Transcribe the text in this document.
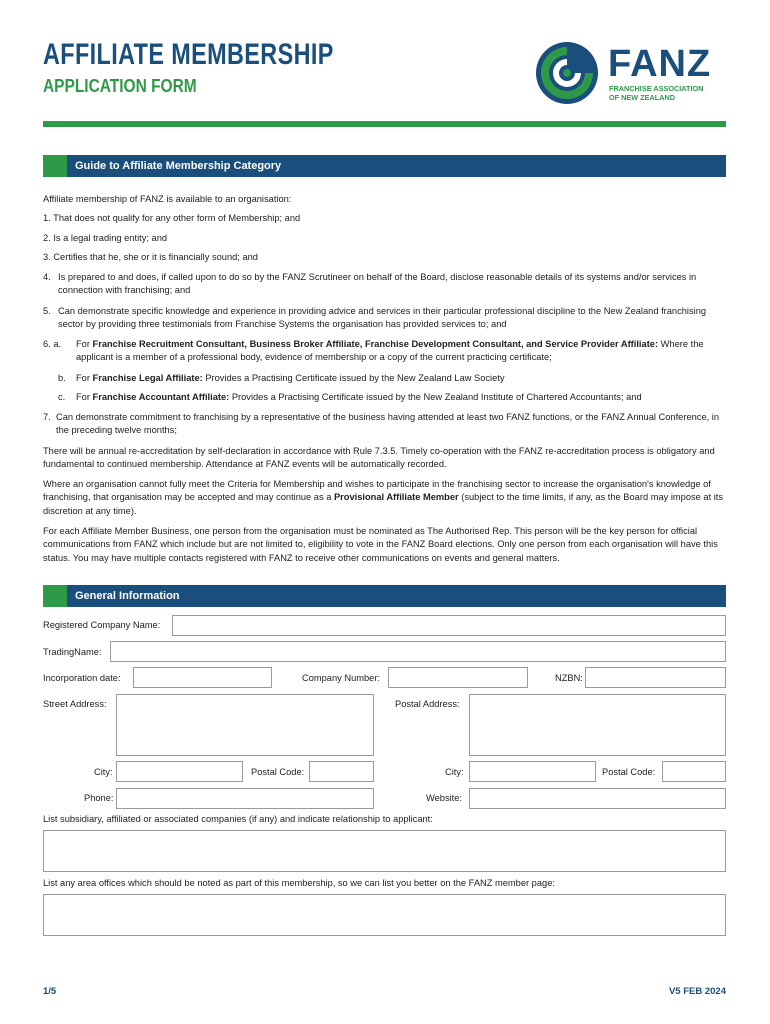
AFFILIATE MEMBERSHIP
APPLICATION FORM
FANZ
FRANCHISE ASSOCIATION
OF NEW ZEALAND
Guide to Affiliate Membership Category
Affiliate membership of FANZ is available to an organisation:
1. That does not qualify for any other form of Membership; and
2. Is a legal trading entity; and
3. Certifies that he, she or it is financially sound; and
4. Is prepared to and does, if called upon to do so by the FANZ Scrutineer on behalf of the Board, disclose reasonable details of its systems and/or services in connection with franchising; and
5. Can demonstrate specific knowledge and experience in providing advice and services in their particular professional discipline to the New Zealand franchising sector by providing three testimonials from Franchise Systems the organisation has provided services to; and
6. a.	For Franchise Recruitment Consultant, Business Broker Affiliate, Franchise Development Consultant, and Service Provider Affiliate: Where the applicant is a member of a professional body, evidence of membership or a copy of the current practicing certificate;
b.	For Franchise Legal Affiliate: Provides a Practising Certificate issued by the New Zealand Law Society
c.	For Franchise Accountant Affiliate: Provides a Practising Certificate issued by the New Zealand Institute of Chartered Accountants; and
7. Can demonstrate commitment to franchising by a representative of the business having attended at least two FANZ functions, or the FANZ Annual Conference, in the preceding twelve months;
There will be annual re-accreditation by self-declaration in accordance with Rule 7.3.5. Timely co-operation with the FANZ re-accreditation process is obligatory and fundamental to continued membership. Attendance at FANZ events will be automatically recorded.
Where an organisation cannot fully meet the Criteria for Membership and wishes to participate in the franchising sector to increase the organisation's knowledge of franchising, that organisation may be accepted and may continue as a Provisional Affiliate Member (subject to the time limits, if any, as the Board may impose at its discretion at any time).
For each Affiliate Member Business, one person from the organisation must be nominated as The Authorised Rep. This person will be the key person for official communications from FANZ which include but are not limited to, eligibility to vote in the FANZ Board elections. Only one person from each organisation will have this status. You may have multiple contacts registered with FANZ to receive other communications on events and general matters.
General Information
Registered Company Name:
TradingName:
Incorporation date:	Company Number:	NZBN:
Street Address:	Postal Address:
City:	Postal Code:	City:	Postal Code:
Phone:	Website:
List subsidiary, affiliated or associated companies (if any) and indicate relationship to applicant:
List any area offices which should be noted as part of this membership, so we can list you better on the FANZ member page:
1/5	V5 FEB 2024
